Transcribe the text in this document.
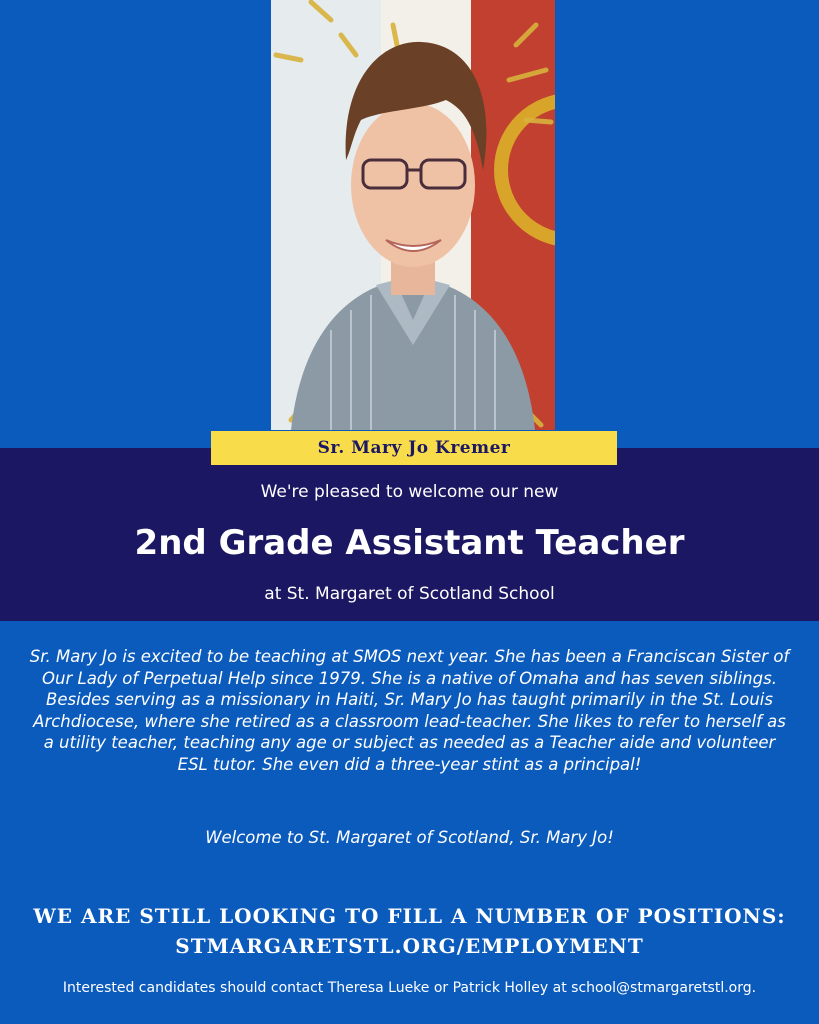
Sr. Mary Jo Kremer
We're pleased to welcome our new
2nd Grade Assistant Teacher
at St. Margaret of Scotland School
Sr. Mary Jo is excited to be teaching at SMOS next year. She has been a Franciscan Sister of Our Lady of Perpetual Help since 1979. She is a native of Omaha and has seven siblings. Besides serving as a missionary in Haiti, Sr. Mary Jo has taught primarily in the St. Louis Archdiocese, where she retired as a classroom lead-teacher. She likes to refer to herself as a utility teacher, teaching any age or subject as needed as a Teacher aide and volunteer ESL tutor. She even did a three-year stint as a principal!
Welcome to St. Margaret of Scotland, Sr. Mary Jo!
WE ARE STILL LOOKING TO FILL A NUMBER OF POSITIONS:
STMARGARETSTL.ORG/EMPLOYMENT
Interested candidates should contact Theresa Lueke or Patrick Holley at school@stmargaretstl.org.
